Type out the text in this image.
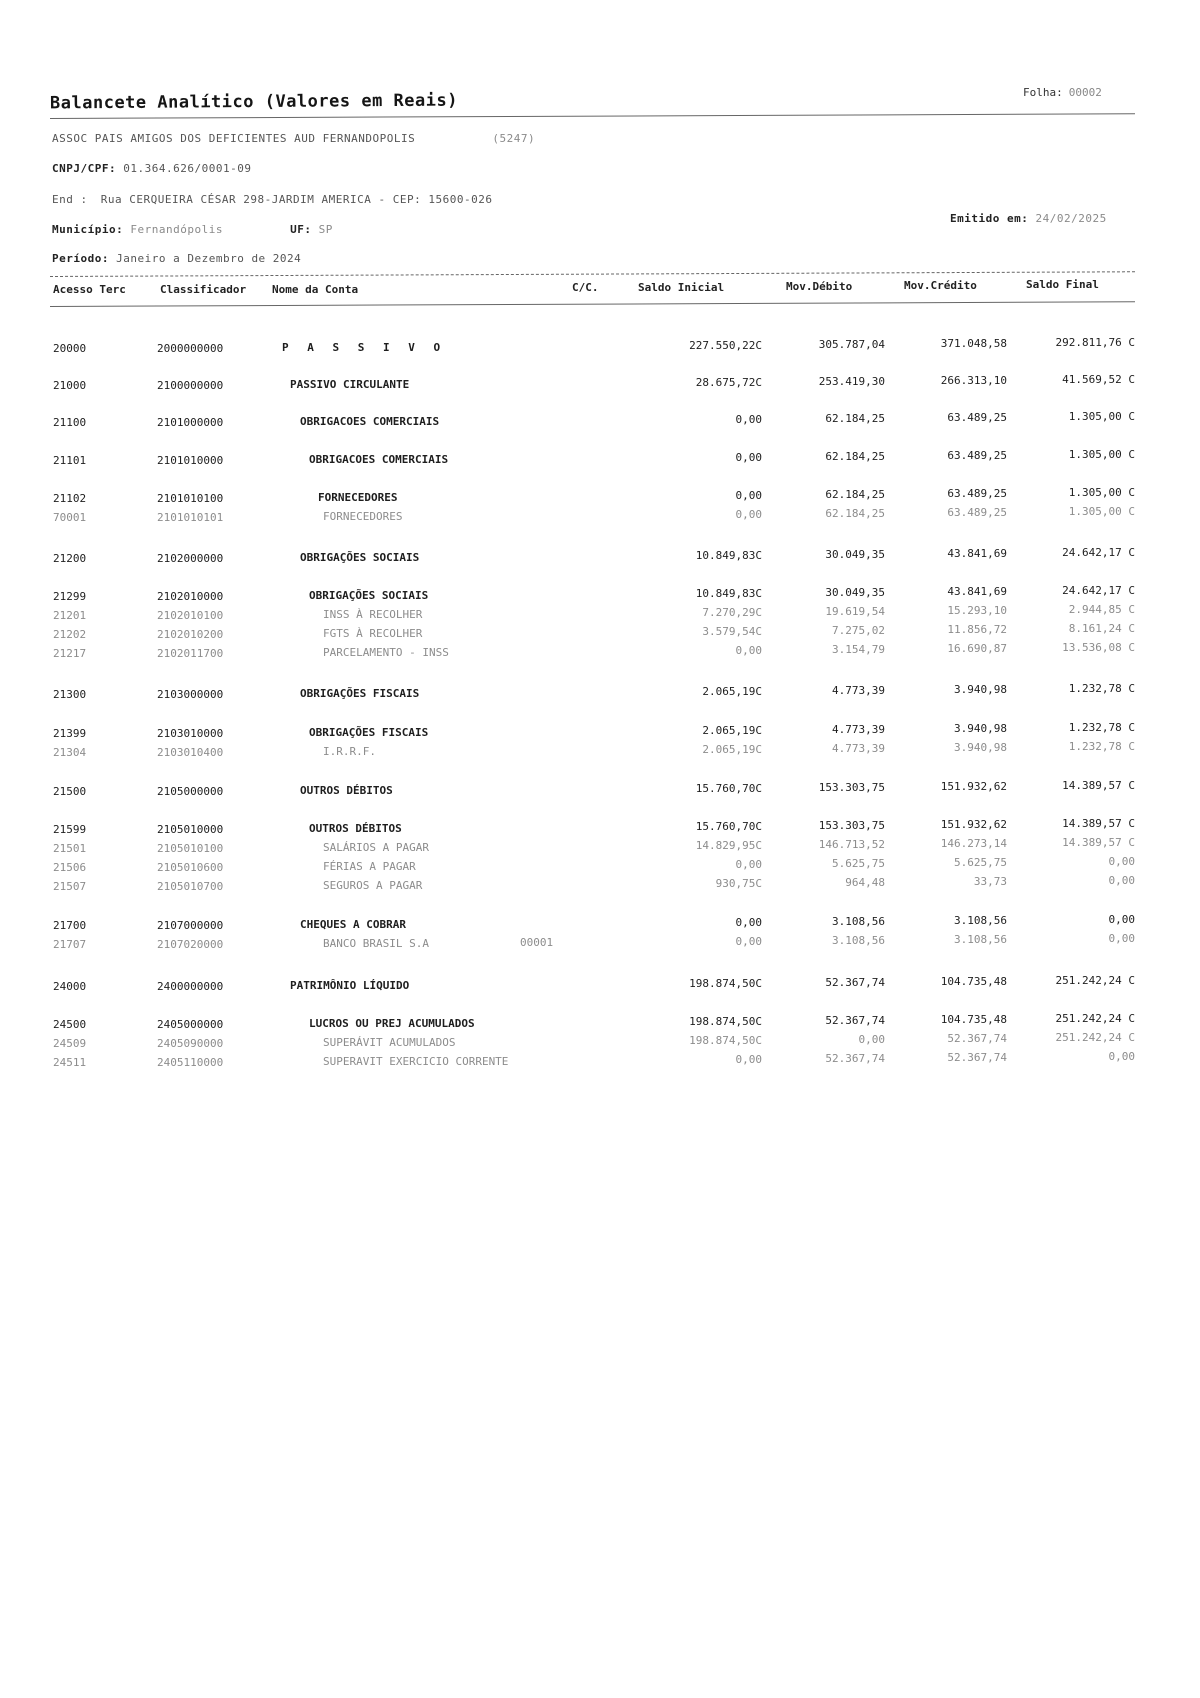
Balancete Analítico (Valores em Reais)	Folha: 00002
ASSOC PAIS AMIGOS DOS DEFICIENTES AUD FERNANDOPOLIS	(5247)
CNPJ/CPF: 01.364.626/0001-09
End : Rua CERQUEIRA CÉSAR 298-JARDIM AMERICA - CEP: 15600-026
Município: Fernandópolis	UF: SP
Emitido em: 24/02/2025
Período: Janeiro a Dezembro de 2024
Acesso Terc	Classificador Nome da Conta	C/C.	Saldo Inicial	Mov.Débito	Mov.Crédito	Saldo Final
20000	2000000000	P A S S I V O	227.550,22C	305.787,04	371.048,58	292.811,76 C
21000	2100000000	PASSIVO CIRCULANTE	28.675,72C	253.419,30	266.313,10	41.569,52 C
21100	2101000000	OBRIGACOES COMERCIAIS	0,00	62.184,25	63.489,25	1.305,00 C
21101	2101010000	OBRIGACOES COMERCIAIS	0,00	62.184,25	63.489,25	1.305,00 C
21102	2101010100	FORNECEDORES	0,00	62.184,25	63.489,25	1.305,00 C
70001	2101010101	FORNECEDORES	0,00	62.184,25	63.489,25	1.305,00 C
21200	2102000000	OBRIGAÇÕES SOCIAIS	10.849,83C	30.049,35	43.841,69	24.642,17 C
21299	2102010000	OBRIGAÇÕES SOCIAIS	10.849,83C	30.049,35	43.841,69	24.642,17 C
21201	2102010100	INSS À RECOLHER	7.270,29C	19.619,54	15.293,10	2.944,85 C
21202	2102010200	FGTS À RECOLHER	3.579,54C	7.275,02	11.856,72	8.161,24 C
21217	2102011700	PARCELAMENTO - INSS	0,00	3.154,79	16.690,87	13.536,08 C
21300	2103000000	OBRIGAÇÕES FISCAIS	2.065,19C	4.773,39	3.940,98	1.232,78 C
21399	2103010000	OBRIGAÇÕES FISCAIS	2.065,19C	4.773,39	3.940,98	1.232,78 C
21304	2103010400	I.R.R.F.	2.065,19C	4.773,39	3.940,98	1.232,78 C
21500	2105000000	OUTROS DÉBITOS	15.760,70C	153.303,75	151.932,62	14.389,57 C
21599	2105010000	OUTROS DÉBITOS	15.760,70C	153.303,75	151.932,62	14.389,57 C
21501	2105010100	SALÁRIOS A PAGAR	14.829,95C	146.713,52	146.273,14	14.389,57 C
21506	2105010600	FÉRIAS A PAGAR	0,00	5.625,75	5.625,75	0,00
21507	2105010700	SEGUROS A PAGAR	930,75C	964,48	33,73	0,00
21700	2107000000	CHEQUES A COBRAR	0,00	3.108,56	3.108,56	0,00
21707	2107020000	BANCO BRASIL S.A	00001	0,00	3.108,56	3.108,56	0,00
24000	2400000000	PATRIMÔNIO LÍQUIDO	198.874,50C	52.367,74	104.735,48	251.242,24 C
24500	2405000000	LUCROS OU PREJ ACUMULADOS	198.874,50C	52.367,74	104.735,48	251.242,24 C
24509	2405090000	SUPERÁVIT ACUMULADOS	198.874,50C	0,00	52.367,74	251.242,24 C
24511	2405110000	SUPERAVIT EXERCICIO CORRENTE	0,00	52.367,74	52.367,74	0,00
